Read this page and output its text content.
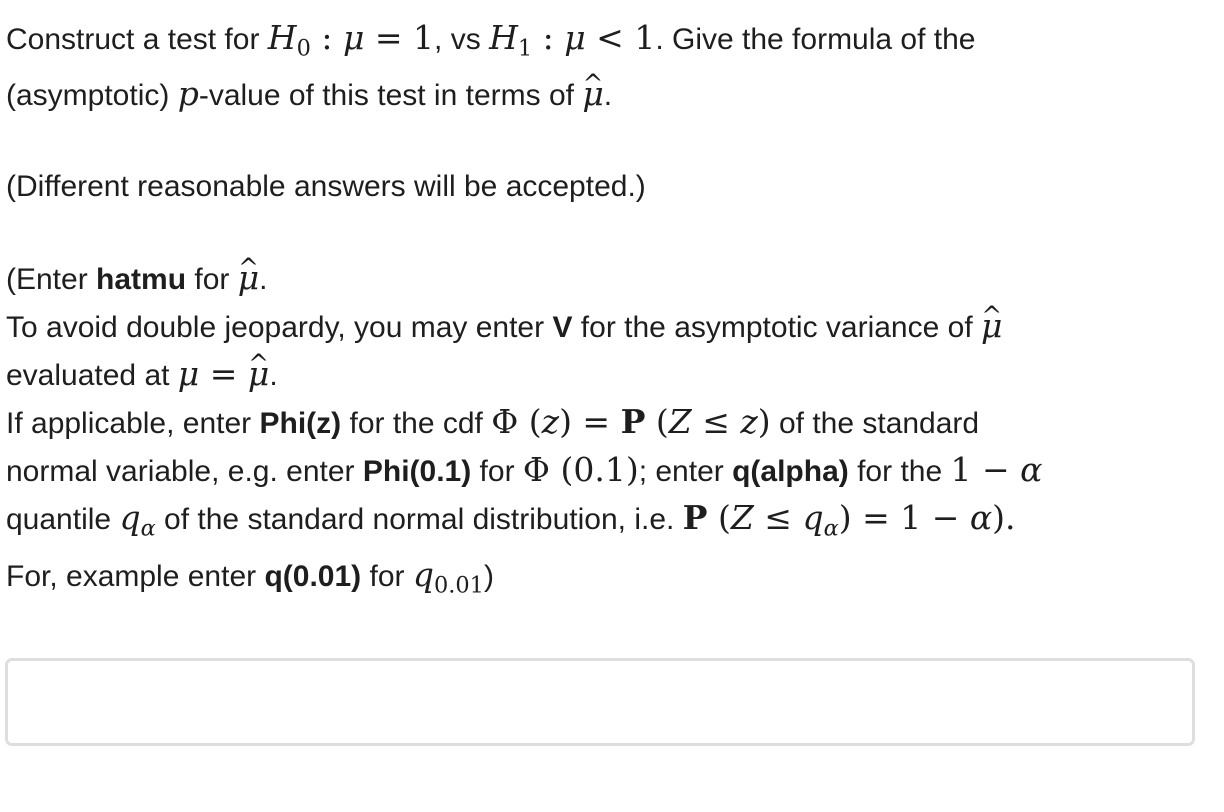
Construct a test for $H_0$ : μ = 1, vs $H_1$ : μ < 1. Give the formula of the
(asymptotic) p-value of this test in terms of ^ μ.

(Different reasonable answers will be accepted.)

(Enter hatmu for ^ μ.
To avoid double jeopardy, you may enter V for the asymptotic variance of ^ μ
evaluated at μ = ^ μ.
If applicable, enter Phi(z) for the cdf Φ (z) = P (Z ≤ z) of the standard
normal variable, e.g. enter Phi(0.1) for Φ (0.1); enter q(alpha) for the 1 − α
quantile qα of the standard normal distribution, i.e. P (Z ≤ qα) = 1 − α).
For, example enter q(0.01) for $q_{0.01}$)
